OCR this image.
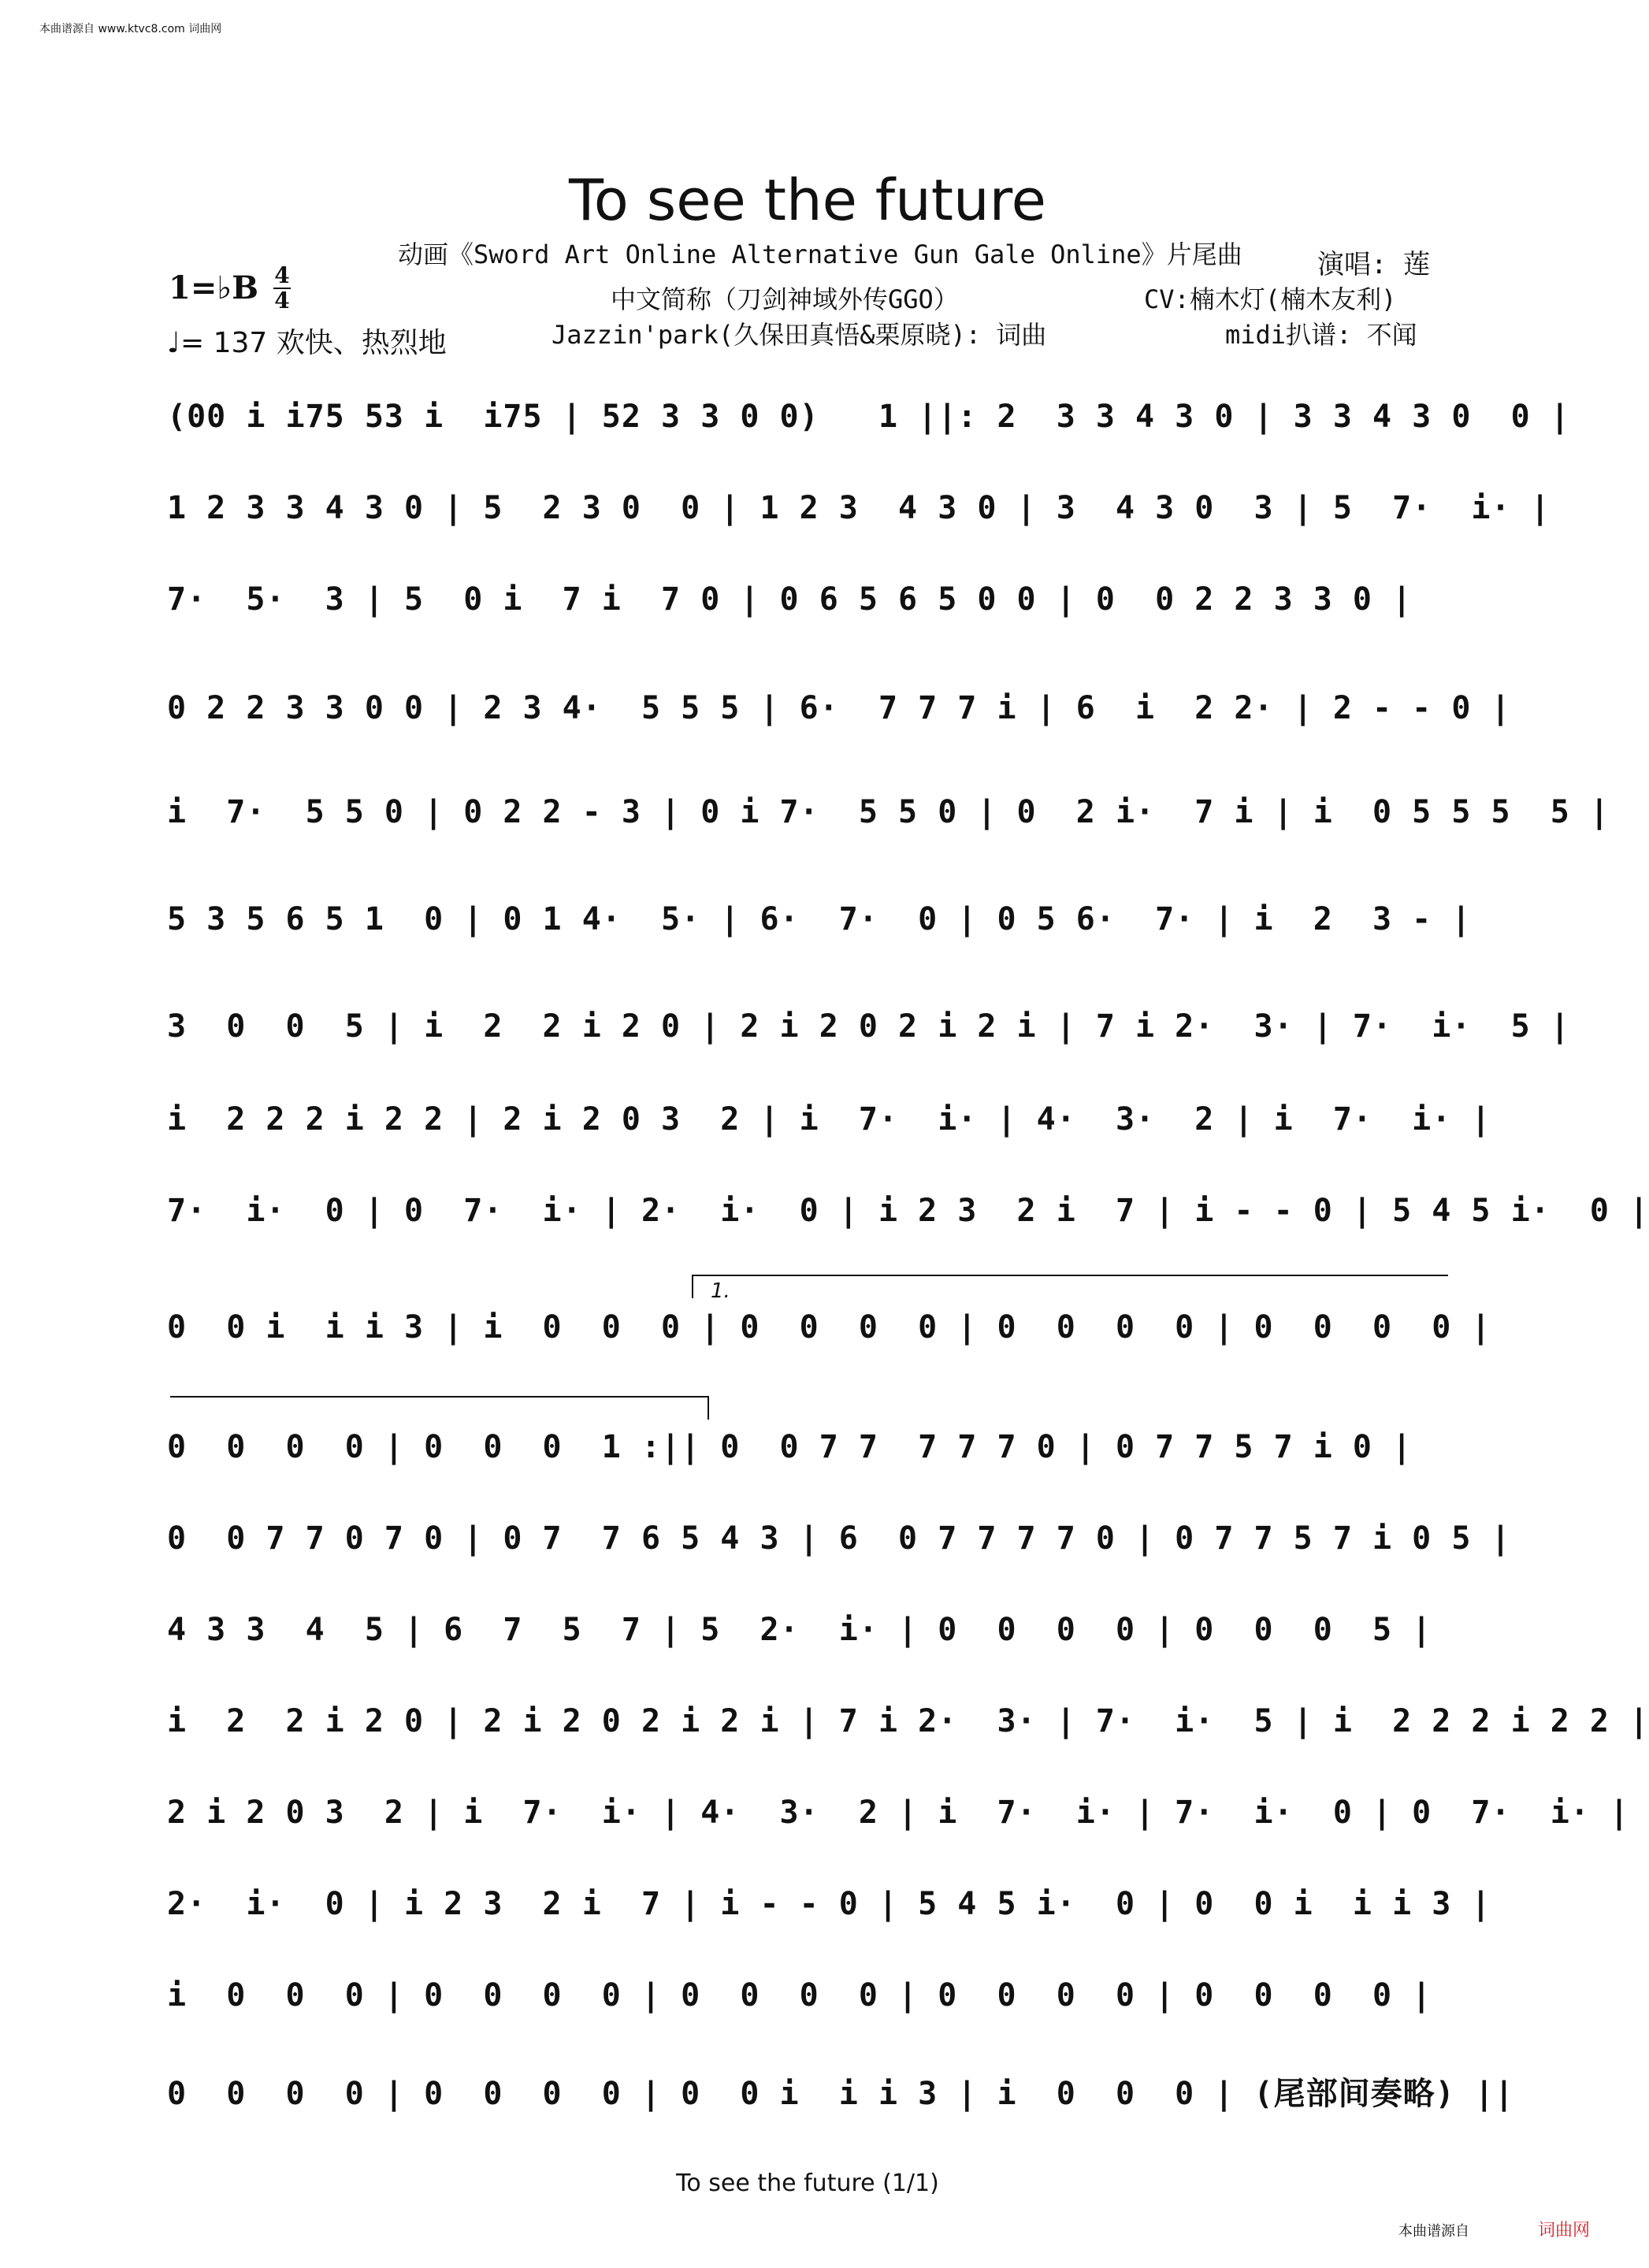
本曲谱源自 www.ktvc8.com 词曲网
To see the future
动画《Sword Art Online Alternative Gun Gale Online》片尾曲	演唱: 莲
1=♭B 4
4
♩= 137 欢快、热烈地
中文简称（刀剑神域外传GGO）	CV:楠木灯(楠木友利)
Jazzin'park(久保田真悟&栗原晓): 词曲	midi扒谱: 不闻
(00 i i75 53 i  i75 | 52 3 3 0 0)   1 ||: 2  3 3 4 3 0 | 3 3 4 3 0  0 |
1 2 3 3 4 3 0 | 5  2 3 0  0 | 1 2 3  4 3 0 | 3  4 3 0  3 | 5  7·  i· |
7·  5·  3 | 5  0 i  7 i  7 0 | 0 6 5 6 5 0 0 | 0  0 2 2 3 3 0 |
0 2 2 3 3 0 0 | 2 3 4·  5 5 5 | 6·  7 7 7 i | 6  i  2 2· | 2 - - 0 |
i  7·  5 5 0 | 0 2 2 - 3 | 0 i 7·  5 5 0 | 0  2 i·  7 i | i  0 5 5 5  5 |
5 3 5 6 5 1  0 | 0 1 4·  5· | 6·  7·  0 | 0 5 6·  7· | i  2  3 - |
3  0  0  5 | i  2  2 i 2 0 | 2 i 2 0 2 i 2 i | 7 i 2·  3· | 7·  i·  5 |
i  2 2 2 i 2 2 | 2 i 2 0 3  2 | i  7·  i· | 4·  3·  2 | i  7·  i· |
7·  i·  0 | 0  7·  i· | 2·  i·  0 | i 2 3  2 i  7 | i - - 0 | 5 4 5 i·  0 |
1.
0  0 i  i i 3 | i  0  0  0 | 0  0  0  0 | 0  0  0  0 | 0  0  0  0 |
0  0  0  0 | 0  0  0  1 :|| 0  0 7 7  7 7 7 0 | 0 7 7 5 7 i 0 |
0  0 7 7 0 7 0 | 0 7  7 6 5 4 3 | 6  0 7 7 7 7 0 | 0 7 7 5 7 i 0 5 |
4 3 3  4  5 | 6  7  5  7 | 5  2·  i· | 0  0  0  0 | 0  0  0  5 |
i  2  2 i 2 0 | 2 i 2 0 2 i 2 i | 7 i 2·  3· | 7·  i·  5 | i  2 2 2 i 2 2 |
2 i 2 0 3  2 | i  7·  i· | 4·  3·  2 | i  7·  i· | 7·  i·  0 | 0  7·  i· |
2·  i·  0 | i 2 3  2 i  7 | i - - 0 | 5 4 5 i·  0 | 0  0 i  i i 3 |
i  0  0  0 | 0  0  0  0 | 0  0  0  0 | 0  0  0  0 | 0  0  0  0 |
0  0  0  0 | 0  0  0  0 | 0  0 i  i i 3 | i  0  0  0 | (尾部间奏略) ||
To see the future (1/1)
本曲谱源自	词曲网
